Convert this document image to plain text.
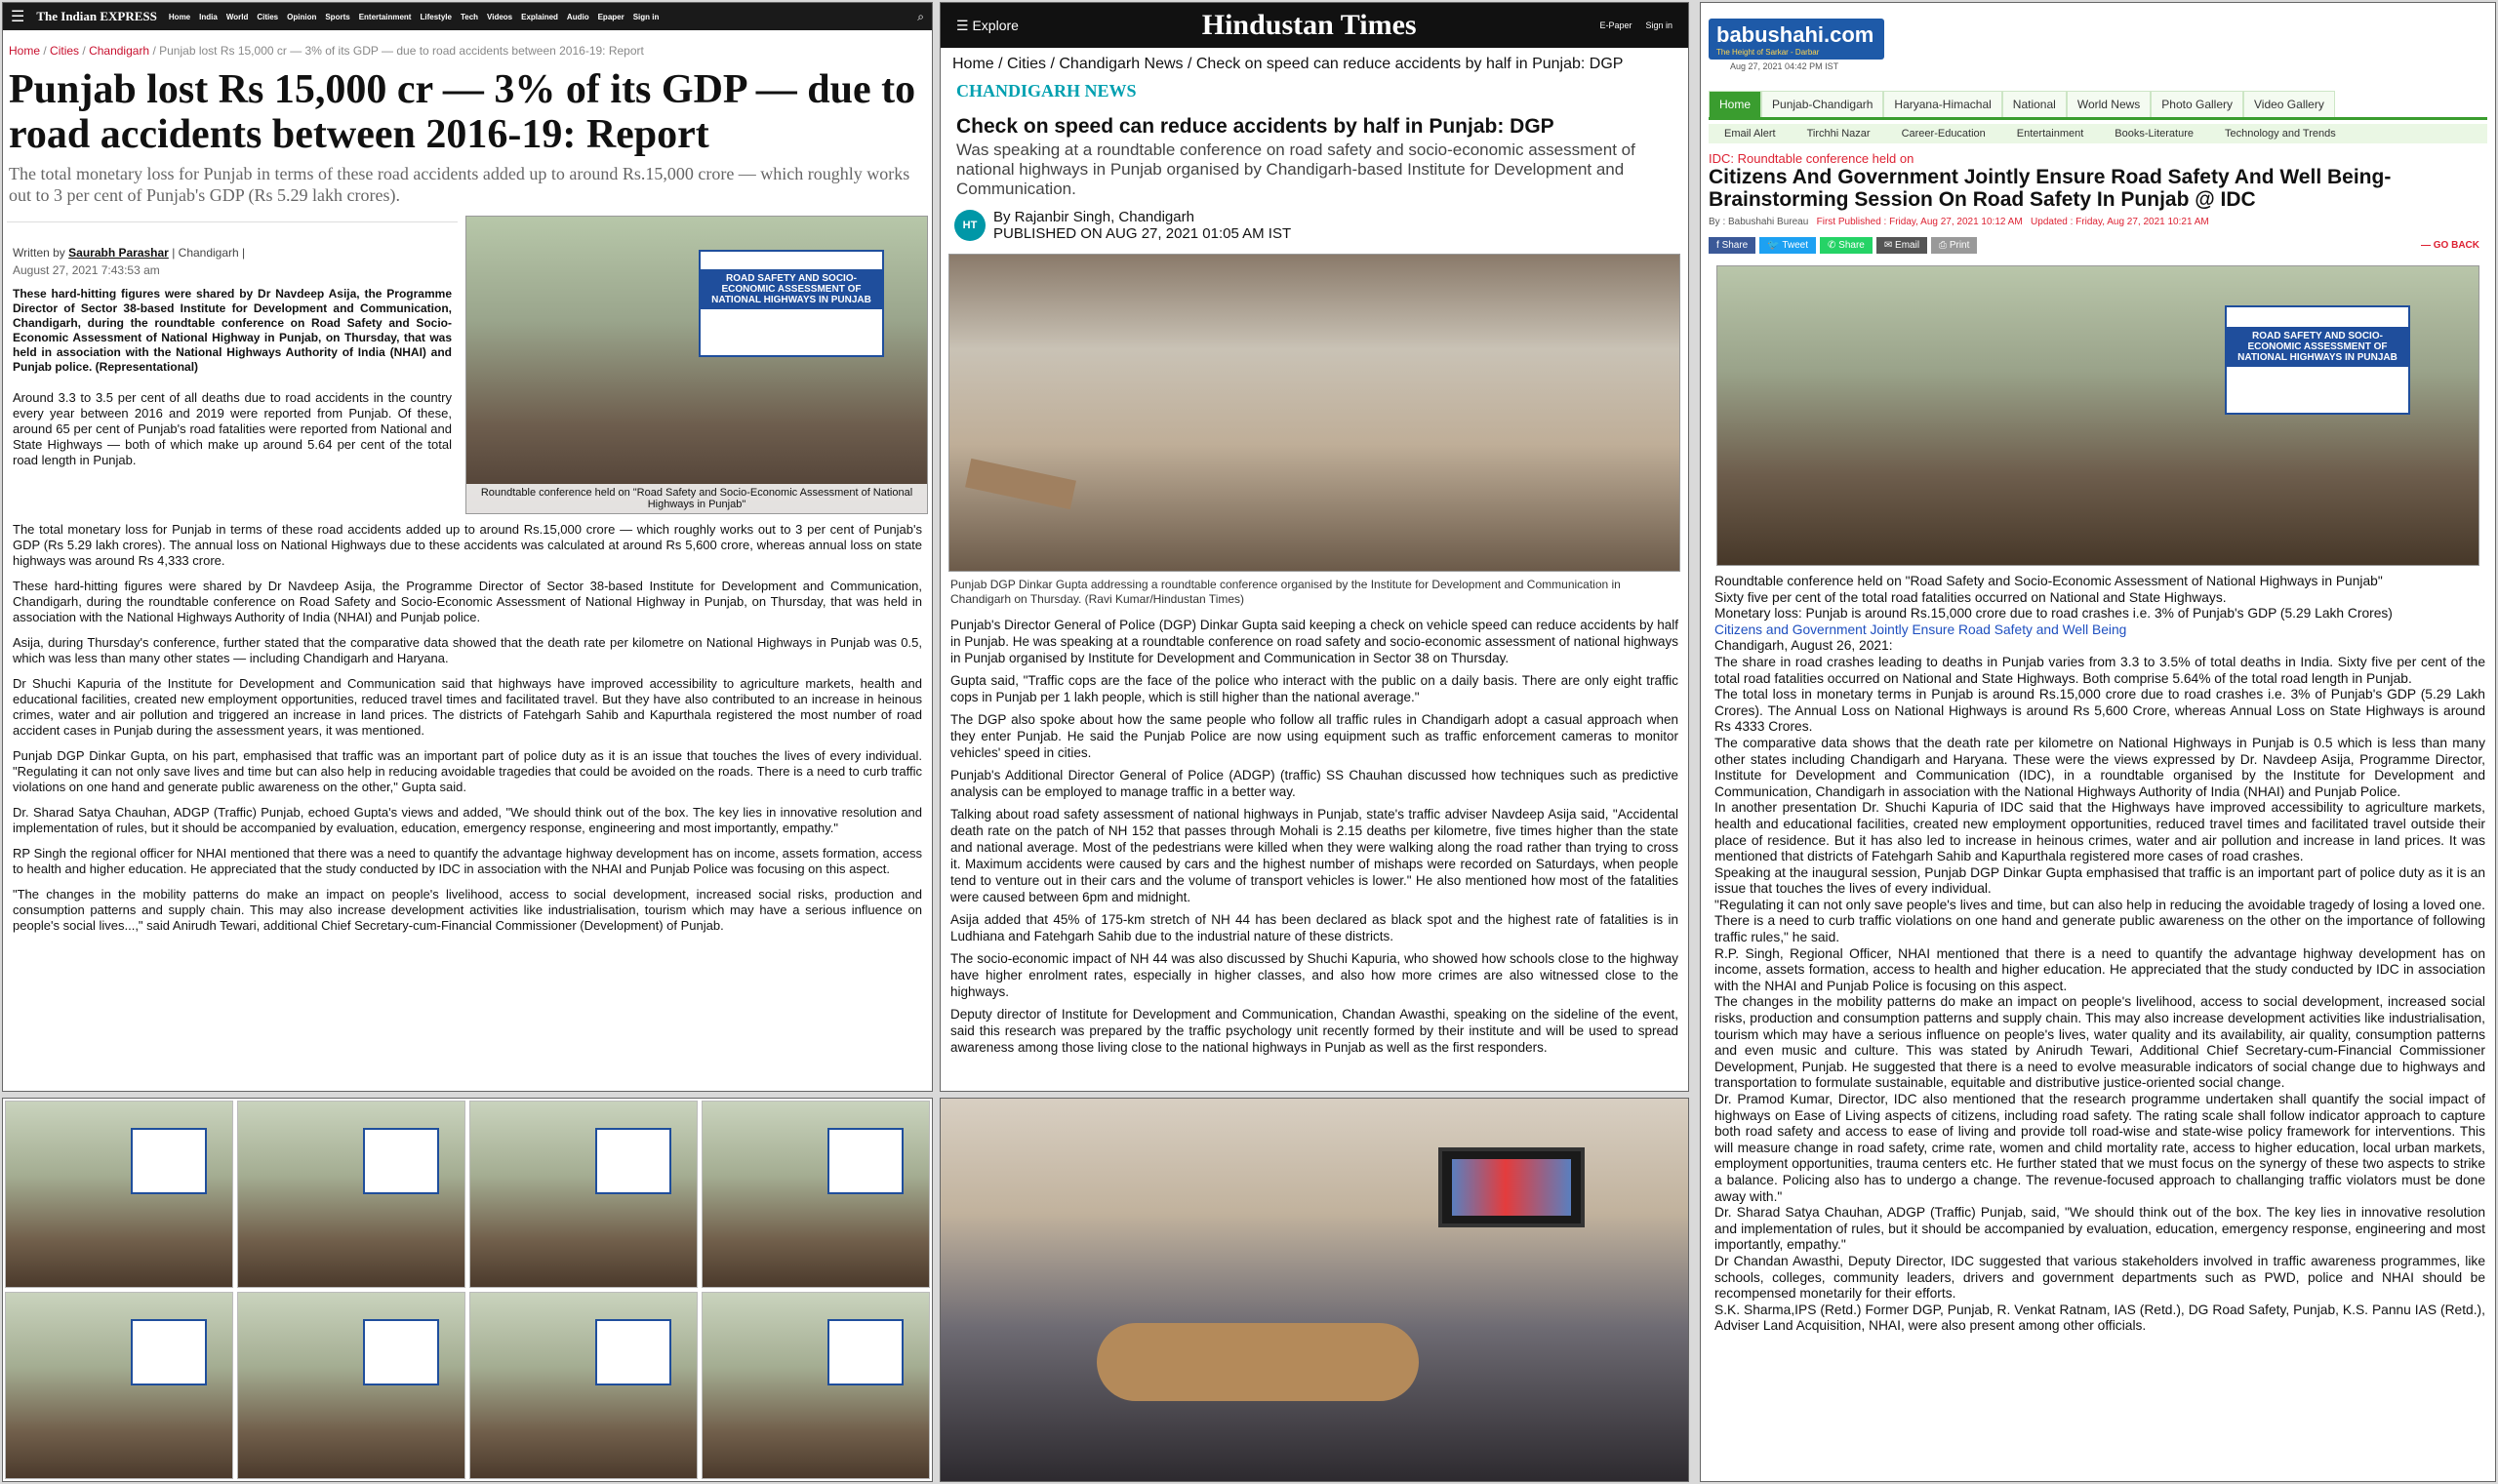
☰ The Indian EXPRESS Home India World Cities Opinion Sports Entertainment Lifestyle Tech Videos Explained Audio Epaper Sign in	⌕
Home / Cities / Chandigarh / Punjab lost Rs 15,000 cr — 3% of its GDP — due to road accidents between 2016-19: Report
Punjab lost Rs 15,000 cr — 3% of its GDP — due to road accidents between 2016-19: Report
The total monetary loss for Punjab in terms of these road accidents added up to around Rs.15,000 crore — which roughly works out to 3 per cent of Punjab's GDP (Rs 5.29 lakh crores).
Written by Saurabh Parashar | Chandigarh |
August 27, 2021 7:43:53 am
These hard-hitting figures were shared by Dr Navdeep Asija, the Programme Director of Sector 38-based Institute for Development and Communication, Chandigarh, during the roundtable conference on Road Safety and Socio-Economic Assessment of National Highway in Punjab, on Thursday, that was held in association with the National Highways Authority of India (NHAI) and Punjab police. (Representational)
Around 3.3 to 3.5 per cent of all deaths due to road accidents in the country every year between 2016 and 2019 were reported from Punjab. Of these, around 65 per cent of Punjab's road fatalities were reported from National and State Highways — both of which make up around 5.64 per cent of the total road length in Punjab.
ROAD SAFETY AND SOCIO-ECONOMIC ASSESSMENT OF NATIONAL HIGHWAYS IN PUNJAB
Roundtable conference held on "Road Safety and Socio-Economic Assessment of National Highways in Punjab"
The total monetary loss for Punjab in terms of these road accidents added up to around Rs.15,000 crore — which roughly works out to 3 per cent of Punjab's GDP (Rs 5.29 lakh crores). The annual loss on National Highways due to these accidents was calculated at around Rs 5,600 crore, whereas annual loss on state highways was around Rs 4,333 crore.
These hard-hitting figures were shared by Dr Navdeep Asija, the Programme Director of Sector 38-based Institute for Development and Communication, Chandigarh, during the roundtable conference on Road Safety and Socio-Economic Assessment of National Highway in Punjab, on Thursday, that was held in association with the National Highways Authority of India (NHAI) and Punjab police.
Asija, during Thursday's conference, further stated that the comparative data showed that the death rate per kilometre on National Highways in Punjab was 0.5, which was less than many other states — including Chandigarh and Haryana.
Dr Shuchi Kapuria of the Institute for Development and Communication said that highways have improved accessibility to agriculture markets, health and educational facilities, created new employment opportunities, reduced travel times and facilitated travel. But they have also contributed to an increase in heinous crimes, water and air pollution and triggered an increase in land prices. The districts of Fatehgarh Sahib and Kapurthala registered the most number of road accident cases in Punjab during the assessment years, it was mentioned.
Punjab DGP Dinkar Gupta, on his part, emphasised that traffic was an important part of police duty as it is an issue that touches the lives of every individual. "Regulating it can not only save lives and time but can also help in reducing avoidable tragedies that could be avoided on the roads. There is a need to curb traffic violations on one hand and generate public awareness on the other," Gupta said.
Dr. Sharad Satya Chauhan, ADGP (Traffic) Punjab, echoed Gupta's views and added, "We should think out of the box. The key lies in innovative resolution and implementation of rules, but it should be accompanied by evaluation, education, emergency response, engineering and most importantly, empathy."
RP Singh the regional officer for NHAI mentioned that there was a need to quantify the advantage highway development has on income, assets formation, access to health and higher education. He appreciated that the study conducted by IDC in association with the NHAI and Punjab Police was focusing on this aspect.
"The changes in the mobility patterns do make an impact on people's livelihood, access to social development, increased social risks, production and consumption patterns and supply chain. This may also increase development activities like industrialisation, tourism which may have a serious influence on people's social lives...," said Anirudh Tewari, additional Chief Secretary-cum-Financial Commissioner (Development) of Punjab.
☰ Explore	Hindustan Times	E-Paper Sign in
Home / Cities / Chandigarh News / Check on speed can reduce accidents by half in Punjab: DGP
CHANDIGARH NEWS
Check on speed can reduce accidents by half in Punjab: DGP
Was speaking at a roundtable conference on road safety and socio-economic assessment of national highways in Punjab organised by Chandigarh-based Institute for Development and Communication.
HT	By Rajanbir Singh, Chandigarh
PUBLISHED ON AUG 27, 2021 01:05 AM IST
Punjab DGP Dinkar Gupta addressing a roundtable conference organised by the Institute for Development and Communication in Chandigarh on Thursday. (Ravi Kumar/Hindustan Times)
Punjab's Director General of Police (DGP) Dinkar Gupta said keeping a check on vehicle speed can reduce accidents by half in Punjab. He was speaking at a roundtable conference on road safety and socio-economic assessment of national highways in Punjab organised by Institute for Development and Communication in Sector 38 on Thursday.
Gupta said, "Traffic cops are the face of the police who interact with the public on a daily basis. There are only eight traffic cops in Punjab per 1 lakh people, which is still higher than the national average."
The DGP also spoke about how the same people who follow all traffic rules in Chandigarh adopt a casual approach when they enter Punjab. He said the Punjab Police are now using equipment such as traffic enforcement cameras to monitor vehicles' speed in cities.
Punjab's Additional Director General of Police (ADGP) (traffic) SS Chauhan discussed how techniques such as predictive analysis can be employed to manage traffic in a better way.
Talking about road safety assessment of national highways in Punjab, state's traffic adviser Navdeep Asija said, "Accidental death rate on the patch of NH 152 that passes through Mohali is 2.15 deaths per kilometre, five times higher than the state and national average. Most of the pedestrians were killed when they were walking along the road rather than trying to cross it. Maximum accidents were caused by cars and the highest number of mishaps were recorded on Saturdays, when people tend to venture out in their cars and the volume of transport vehicles is lower." He also mentioned how most of the fatalities were caused between 6pm and midnight.
Asija added that 45% of 175-km stretch of NH 44 has been declared as black spot and the highest rate of fatalities is in Ludhiana and Fatehgarh Sahib due to the industrial nature of these districts.
The socio-economic impact of NH 44 was also discussed by Shuchi Kapuria, who showed how schools close to the highway have higher enrolment rates, especially in higher classes, and also how more crimes are also witnessed close to the highways.
Deputy director of Institute for Development and Communication, Chandan Awasthi, speaking on the sideline of the event, said this research was prepared by the traffic psychology unit recently formed by their institute and will be used to spread awareness among those living close to the national highways in Punjab as well as the first responders.
babushahi.com
The Height of Sarkar - Darbar
Aug 27, 2021 04:42 PM IST
Home	Punjab-Chandigarh	Haryana-Himachal	National	World News	Photo Gallery	Video Gallery
Email Alert	Tirchhi Nazar	Career-Education	Entertainment	Books-Literature	Technology and Trends
IDC: Roundtable conference held on
Citizens And Government Jointly Ensure Road Safety And Well Being-Brainstorming Session On Road Safety In Punjab @ IDC
By : Babushahi Bureau First Published : Friday, Aug 27, 2021 10:12 AM Updated : Friday, Aug 27, 2021 10:21 AM
f Share	🐦 Tweet	✆ Share	✉ Email	⎙ Print	— GO BACK
ROAD SAFETY AND SOCIO-ECONOMIC ASSESSMENT OF NATIONAL HIGHWAYS IN PUNJAB
Roundtable conference held on "Road Safety and Socio-Economic Assessment of National Highways in Punjab"
Sixty five per cent of the total road fatalities occurred on National and State Highways.
Monetary loss: Punjab is around Rs.15,000 crore due to road crashes i.e. 3% of Punjab's GDP (5.29 Lakh Crores)
Citizens and Government Jointly Ensure Road Safety and Well Being
Chandigarh, August 26, 2021:
The share in road crashes leading to deaths in Punjab varies from 3.3 to 3.5% of total deaths in India. Sixty five per cent of the total road fatalities occurred on National and State Highways. Both comprise 5.64% of the total road length in Punjab.
The total loss in monetary terms in Punjab is around Rs.15,000 crore due to road crashes i.e. 3% of Punjab's GDP (5.29 Lakh Crores). The Annual Loss on National Highways is around Rs 5,600 Crore, whereas Annual Loss on State Highways is around Rs 4333 Crores.
The comparative data shows that the death rate per kilometre on National Highways in Punjab is 0.5 which is less than many other states including Chandigarh and Haryana. These were the views expressed by Dr. Navdeep Asija, Programme Director, Institute for Development and Communication (IDC), in a roundtable organised by the Institute for Development and Communication, Chandigarh in association with the National Highways Authority of India (NHAI) and Punjab Police.
In another presentation Dr. Shuchi Kapuria of IDC said that the Highways have improved accessibility to agriculture markets, health and educational facilities, created new employment opportunities, reduced travel times and facilitated travel outside their place of residence. But it has also led to increase in heinous crimes, water and air pollution and increase in land prices. It was mentioned that districts of Fatehgarh Sahib and Kapurthala registered more cases of road crashes.
Speaking at the inaugural session, Punjab DGP Dinkar Gupta emphasised that traffic is an important part of police duty as it is an issue that touches the lives of every individual.
"Regulating it can not only save people's lives and time, but can also help in reducing the avoidable tragedy of losing a loved one. There is a need to curb traffic violations on one hand and generate public awareness on the other on the importance of following traffic rules," he said.
R.P. Singh, Regional Officer, NHAI mentioned that there is a need to quantify the advantage highway development has on income, assets formation, access to health and higher education. He appreciated that the study conducted by IDC in association with the NHAI and Punjab Police is focusing on this aspect.
The changes in the mobility patterns do make an impact on people's livelihood, access to social development, increased social risks, production and consumption patterns and supply chain. This may also increase development activities like industrialisation, tourism which may have a serious influence on people's lives, water quality and its availability, air quality, consumption patterns and even music and culture. This was stated by Anirudh Tewari, Additional Chief Secretary-cum-Financial Commissioner Development, Punjab. He suggested that there is a need to evolve measurable indicators of social change due to highways and transportation to formulate sustainable, equitable and distributive justice-oriented social change.
Dr. Pramod Kumar, Director, IDC also mentioned that the research programme undertaken shall quantify the social impact of highways on Ease of Living aspects of citizens, including road safety. The rating scale shall follow indicator approach to capture both road safety and access to ease of living and provide toll road-wise and state-wise policy framework for interventions. This will measure change in road safety, crime rate, women and child mortality rate, access to higher education, local urban markets, employment opportunities, trauma centers etc. He further stated that we must focus on the synergy of these two aspects to strike a balance. Policing also has to undergo a change. The revenue-focused approach to challanging traffic violators must be done away with."
Dr. Sharad Satya Chauhan, ADGP (Traffic) Punjab, said, "We should think out of the box. The key lies in innovative resolution and implementation of rules, but it should be accompanied by evaluation, education, emergency response, engineering and most importantly, empathy."
Dr Chandan Awasthi, Deputy Director, IDC suggested that various stakeholders involved in traffic awareness programmes, like schools, colleges, community leaders, drivers and government departments such as PWD, police and NHAI should be recompensed monetarily for their efforts.
S.K. Sharma,IPS (Retd.) Former DGP, Punjab, R. Venkat Ratnam, IAS (Retd.), DG Road Safety, Punjab, K.S. Pannu IAS (Retd.), Adviser Land Acquisition, NHAI, were also present among other officials.
